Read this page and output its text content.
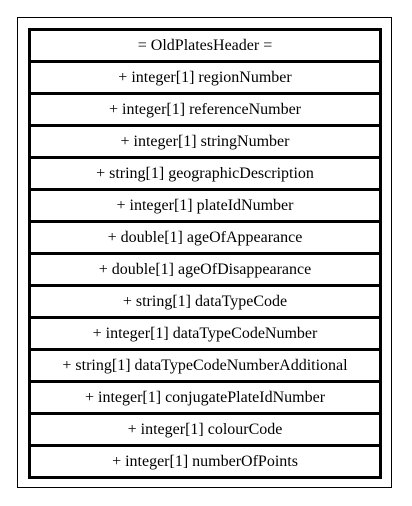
= OldPlatesHeader =
+ integer[1] regionNumber
+ integer[1] referenceNumber
+ integer[1] stringNumber
+ string[1] geographicDescription
+ integer[1] plateIdNumber
+ double[1] ageOfAppearance
+ double[1] ageOfDisappearance
+ string[1] dataTypeCode
+ integer[1] dataTypeCodeNumber
+ string[1] dataTypeCodeNumberAdditional
+ integer[1] conjugatePlateIdNumber
+ integer[1] colourCode
+ integer[1] numberOfPoints
